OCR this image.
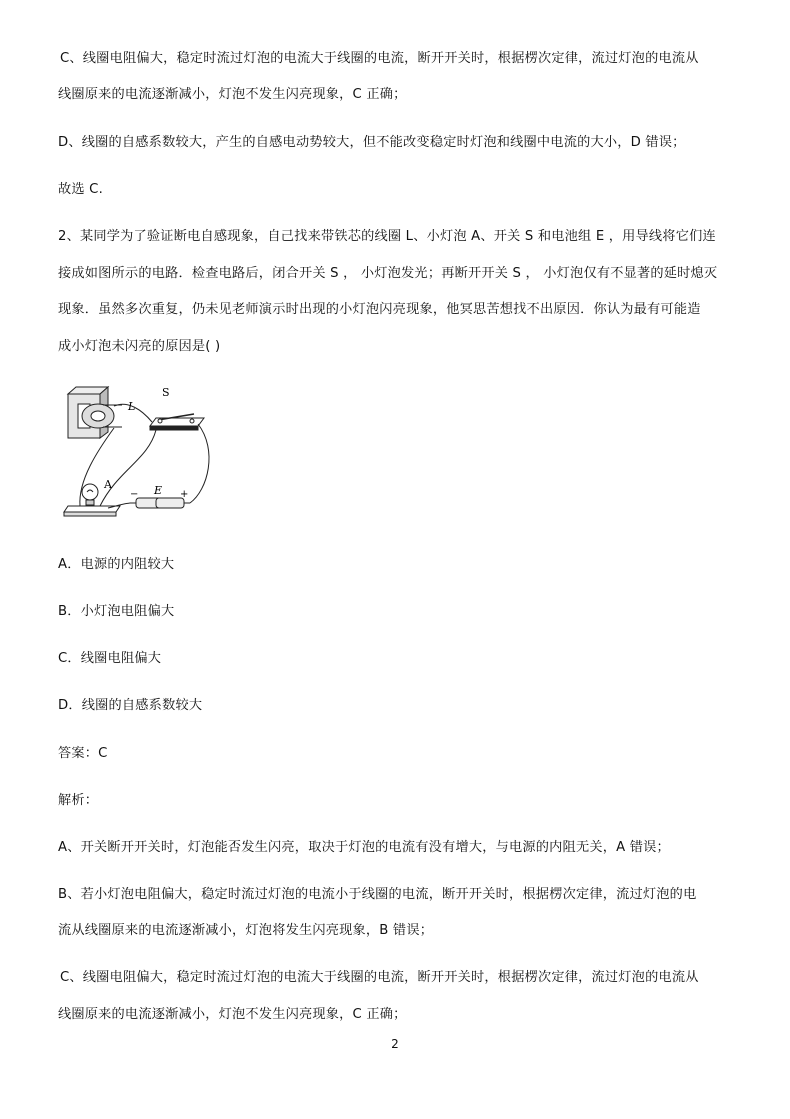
C、线圈电阻偏大，稳定时流过灯泡的电流大于线圈的电流，断开开关时，根据楞次定律，流过灯泡的电流从
线圈原来的电流逐渐减小，灯泡不发生闪亮现象，C 正确；
D、线圈的自感系数较大，产生的自感电动势较大，但不能改变稳定时灯泡和线圈中电流的大小，D 错误；
故选 C.
2、某同学为了验证断电自感现象，自己找来带铁芯的线圈 L、小灯泡 A、开关 S 和电池组 E ，用导线将它们连
接成如图所示的电路．检查电路后，闭合开关 S ， 小灯泡发光；再断开开关 S ， 小灯泡仅有不显著的延时熄灭
现象．虽然多次重复，仍未见老师演示时出现的小灯泡闪亮现象，他冥思苦想找不出原因．你认为最有可能造
成小灯泡未闪亮的原因是( )
S
L
A	E
−	+
A．电源的内阻较大
B．小灯泡电阻偏大
C．线圈电阻偏大
D．线圈的自感系数较大
答案：C
解析：
A、开关断开开关时，灯泡能否发生闪亮，取决于灯泡的电流有没有增大，与电源的内阻无关，A 错误；
B、若小灯泡电阻偏大，稳定时流过灯泡的电流小于线圈的电流，断开开关时，根据楞次定律，流过灯泡的电
流从线圈原来的电流逐渐减小，灯泡将发生闪亮现象，B 错误；
C、线圈电阻偏大，稳定时流过灯泡的电流大于线圈的电流，断开开关时，根据楞次定律，流过灯泡的电流从
线圈原来的电流逐渐减小，灯泡不发生闪亮现象，C 正确；
2
